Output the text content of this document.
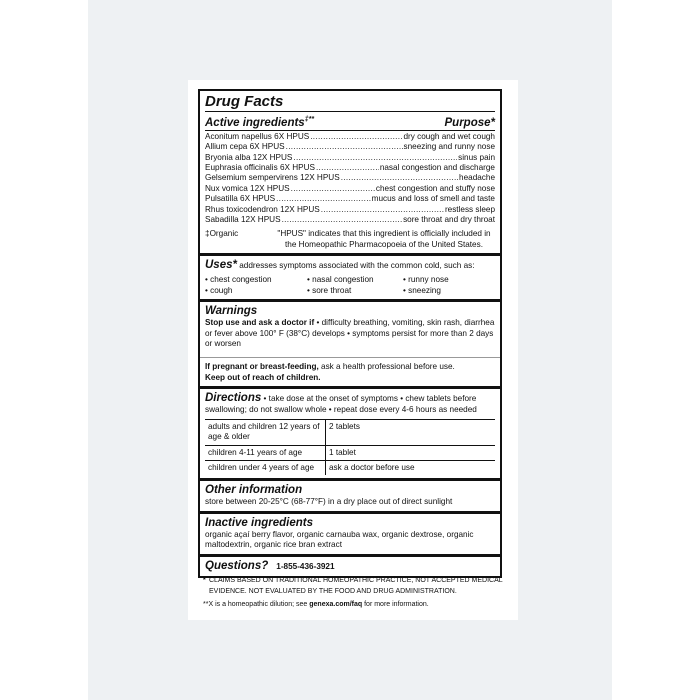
Drug Facts
Active ingredients‡**	Purpose*
Aconitum napellus 6X HPUS .....	dry cough and wet cough
Allium cepa 6X HPUS .....	sneezing and runny nose
Bryonia alba 12X HPUS .....	sinus pain
Euphrasia officinalis 6X HPUS .....	nasal congestion and discharge
Gelsemium sempervirens 12X HPUS .....	headache
Nux vomica 12X HPUS .....	chest congestion and stuffy nose
Pulsatilla 6X HPUS .....	mucus and loss of smell and taste
Rhus toxicodendron 12X HPUS .....	restless sleep
Sabadilla 12X HPUS .....	sore throat and dry throat
‡Organic	"HPUS" indicates that this ingredient is officially included in the Homeopathic Pharmacopoeia of the United States.
Uses* addresses symptoms associated with the common cold, such as:
• chest congestion	• nasal congestion	• runny nose
• cough	• sore throat	• sneezing
Warnings
Stop use and ask a doctor if • difficulty breathing, vomiting, skin rash, diarrhea or fever above 100° F (38°C) develops • symptoms persist for more than 2 days or worsen
If pregnant or breast-feeding, ask a health professional before use.
Keep out of reach of children.
Directions • take dose at the onset of symptoms • chew tablets before swallowing; do not swallow whole • repeat dose every 4-6 hours as needed
adults and children 12 years of age & older	2 tablets
children 4-11 years of age	1 tablet
children under 4 years of age	ask a doctor before use
Other information
store between 20-25°C (68-77°F) in a dry place out of direct sunlight
Inactive ingredients
organic açaí berry flavor, organic carnauba wax, organic dextrose, organic maltodextrin, organic rice bran extract
Questions? 1-855-436-3921
* CLAIMS BASED ON TRADITIONAL HOMEOPATHIC PRACTICE, NOT ACCEPTED MEDICAL EVIDENCE. NOT EVALUATED BY THE FOOD AND DRUG ADMINISTRATION.
**X is a homeopathic dilution; see genexa.com/faq for more information.
